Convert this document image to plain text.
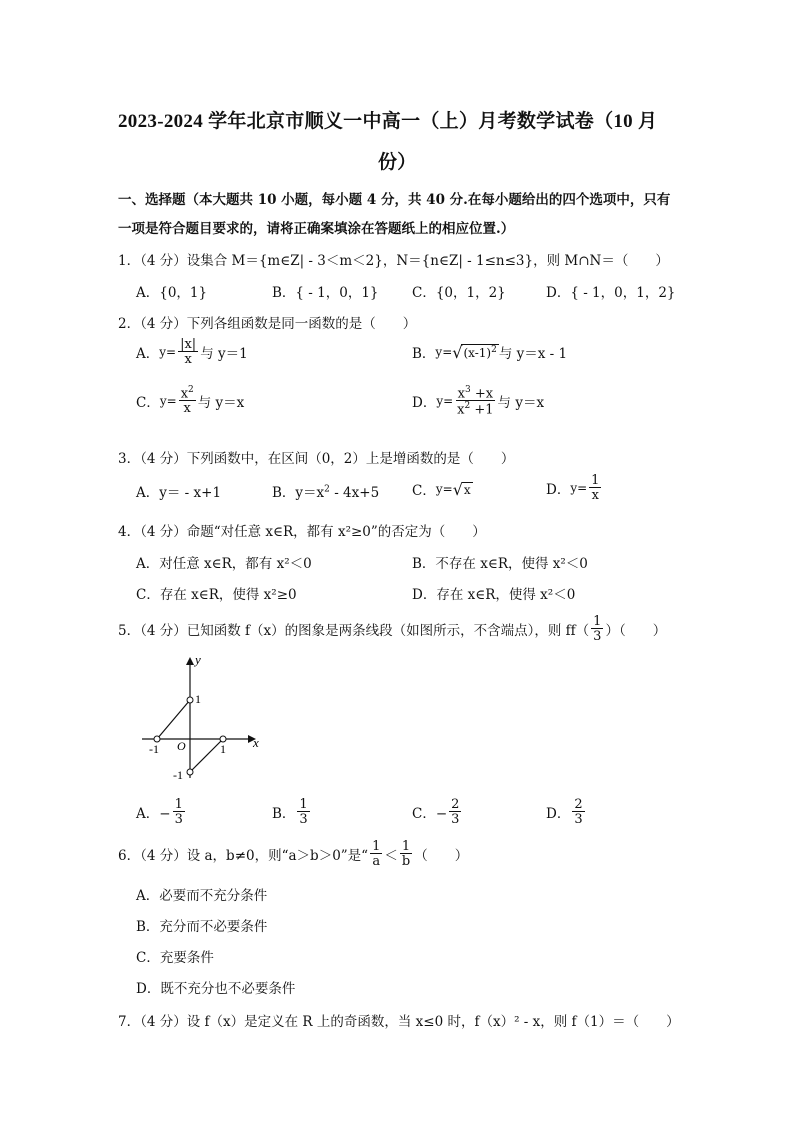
2023-2024 学年北京市顺义一中高一（上）月考数学试卷（10 月
份）
一、选择题（本大题共 10 小题，每小题 4 分，共 40 分.在每小题给出的四个选项中，只有
一项是符合题目要求的，请将正确案填涂在答题纸上的相应位置.）
1．（4 分）设集合 M＝{m∈Z| - 3＜m＜2}，N＝{n∈Z| - 1≤n≤3}，则 M∩N＝（　　）
A．{0，1}	B．{ - 1，0，1} C．{0，1，2}	D．{ - 1，0，1，2}
2．（4 分）下列各组函数是同一函数的是（　　）
A． $y= \frac{|x|}{x}$ 与 y＝1	B． y= √ $(x-1)^2$ 与 y＝x - 1
C． $y= \frac{x^2}{x}$ 与 y＝x	D． $y= \frac{x^3 +x}{x^2 +1}$ 与 y＝x
3．（4 分）下列函数中，在区间（0，2）上是增函数的是（　　）
A．y＝ - x+1	B．$y=x^2 - 4x+5$ C． y= √ x	D． $y= \frac{1}{x}$
4．（4 分）命题“对任意 x∈R，都有 x²≥0”的否定为（　　）
A．对任意 x∈R，都有 x²＜0	B．不存在 x∈R，使得 x²＜0
C．存在 x∈R，使得 x²≥0	D．存在 x∈R，使得 x²＜0
5．（4 分）已知函数 f（x）的图象是两条线段（如图所示，不含端点），则 f $f( \frac{1}{3}$ ）（　　）
y
x
O
1
-1
-1	1
A．− $\frac{1}{3}$	B． $\frac{1}{3}$	C．− $\frac{2}{3}$	D． $\frac{2}{3}$
6．（4 分）设 a，b≠0，则“a＞b＞0”是“ $\frac{1}{a} < \frac{1}{b}$ （　　）
A．必要而不充分条件
B．充分而不必要条件
C．充要条件
D．既不充分也不必要条件
7．（4 分）设 f（x）是定义在 R 上的奇函数，当 x≤0 时，f（x）² - x，则 f（1）＝（　　）
